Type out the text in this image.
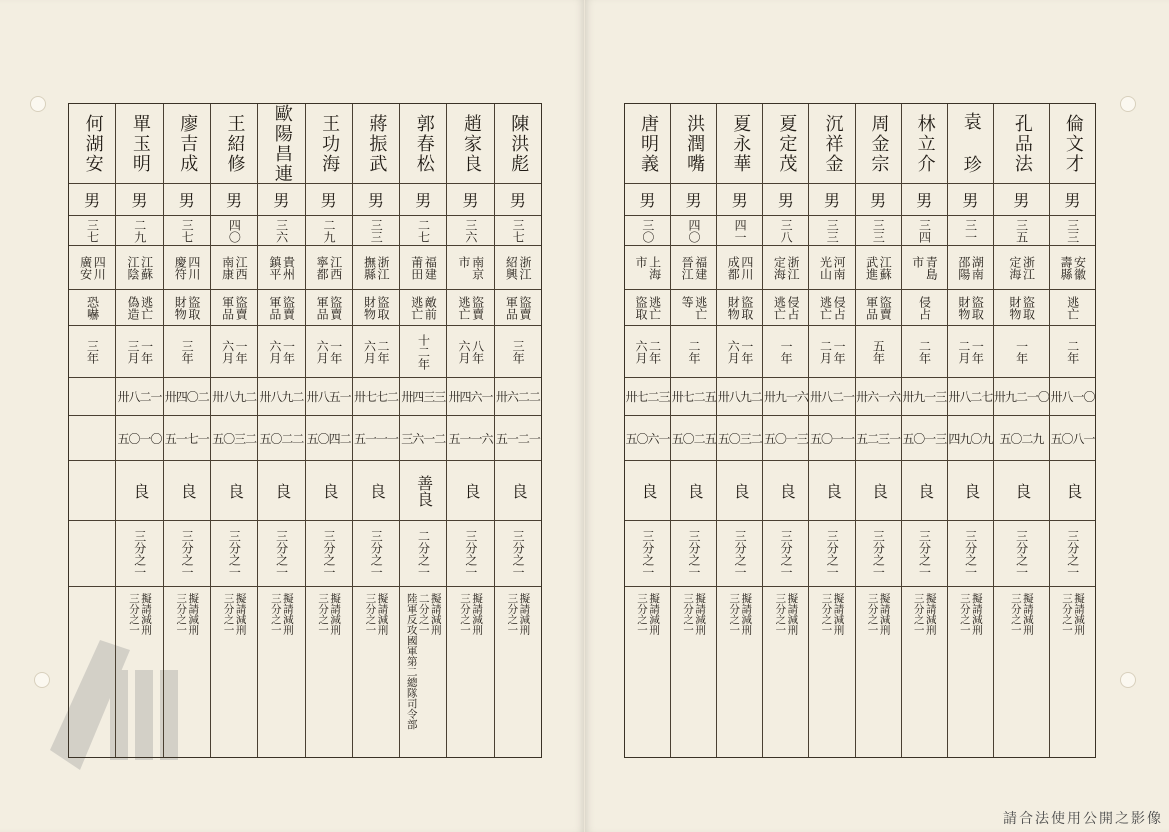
陳洪彪
男
三七
浙江
紹興
盜賣
軍品
三年
卅六二二
五一二一
良
三分之一
擬請減刑
三分之一
趙家良
男
三六
南京
市
盜賣
逃亡
八年
六月
卅四六一
五一一六
良
三分之一
擬請減刑
三分之一
郭春松
男
二七
福建
莆田
敵前
逃亡
十二年
卅四三三
三六一二
善良
二分之一
擬請減刑
二分之一
陸軍反攻國軍第二總隊司令部
蔣振武
男
三三
浙江
撫縣
盜取
財物
二年
六月
卅七七二
五一一一
良
三分之一
擬請減刑
三分之一
王功海
男
二九
江西
寧都
盜賣
軍品
一年
六月
卅八五一
五〇四二
良
三分之一
擬請減刑
三分之一
歐陽昌連
男
三六
貴州
鎮平
盜賣
軍品
一年
六月
卅八九二
五〇二二
良
三分之一
擬請減刑
三分之一
王紹修
男
四〇
江西
南康
盜賣
軍品
一年
六月
卅八九二
五〇三二
良
三分之一
擬請減刑
三分之一
廖吉成
男
三七
四川
慶符
盜取
財物
三年
卅四〇二
五一七一
良
三分之一
擬請減刑
三分之一
單玉明
男
二九
江蘇
江陰
逃亡
偽造
一年
三月
卅八二一
五〇一〇
良
三分之一
擬請減刑
三分之一
何湖安
男
三七
四川
廣安
恐嚇
三年
倫文才
男
三三
安徽
壽縣
逃亡
二年
卅八一〇
五〇八一
良
三分之一
擬請減刑
三分之一
孔品法
男
三五
浙江
定海
盜取
財物
一年
卅九二一〇
五〇二九
良
三分之一
擬請減刑
三分之一
袁 珍
男
三一
湖南
邵陽
盜取
財物
一年
二月
卅八二七
四九〇九
良
三分之一
擬請減刑
三分之一
林立介
男
三四
青島
市
侵占
二年
卅九一三
五〇一三
良
三分之一
擬請減刑
三分之一
周金宗
男
三三
江蘇
武進
盜賣
軍品
五年
卅六一六
五二三一
良
三分之一
擬請減刑
三分之一
沉祥金
男
三三
河南
光山
侵占
逃亡
一年
二月
卅八二一
五〇一一
良
三分之一
擬請減刑
三分之一
夏定茂
男
三八
浙江
定海
侵占
逃亡
一年
卅九一六
五〇一三
良
三分之一
擬請減刑
三分之一
夏永華
男
四一
四川
成都
盜取
財物
一年
六月
卅八九二
五〇三二
良
三分之一
擬請減刑
三分之一
洪潤嘴
男
四〇
福建
晉江
逃亡
等
二年
卅七二五
五〇二五
良
三分之一
擬請減刑
三分之一
唐明義
男
三〇
上海
市
逃亡
盜取
二年
六月
卅七二三
五〇六一
良
三分之一
擬請減刑
三分之一
請合法使用公開之影像
